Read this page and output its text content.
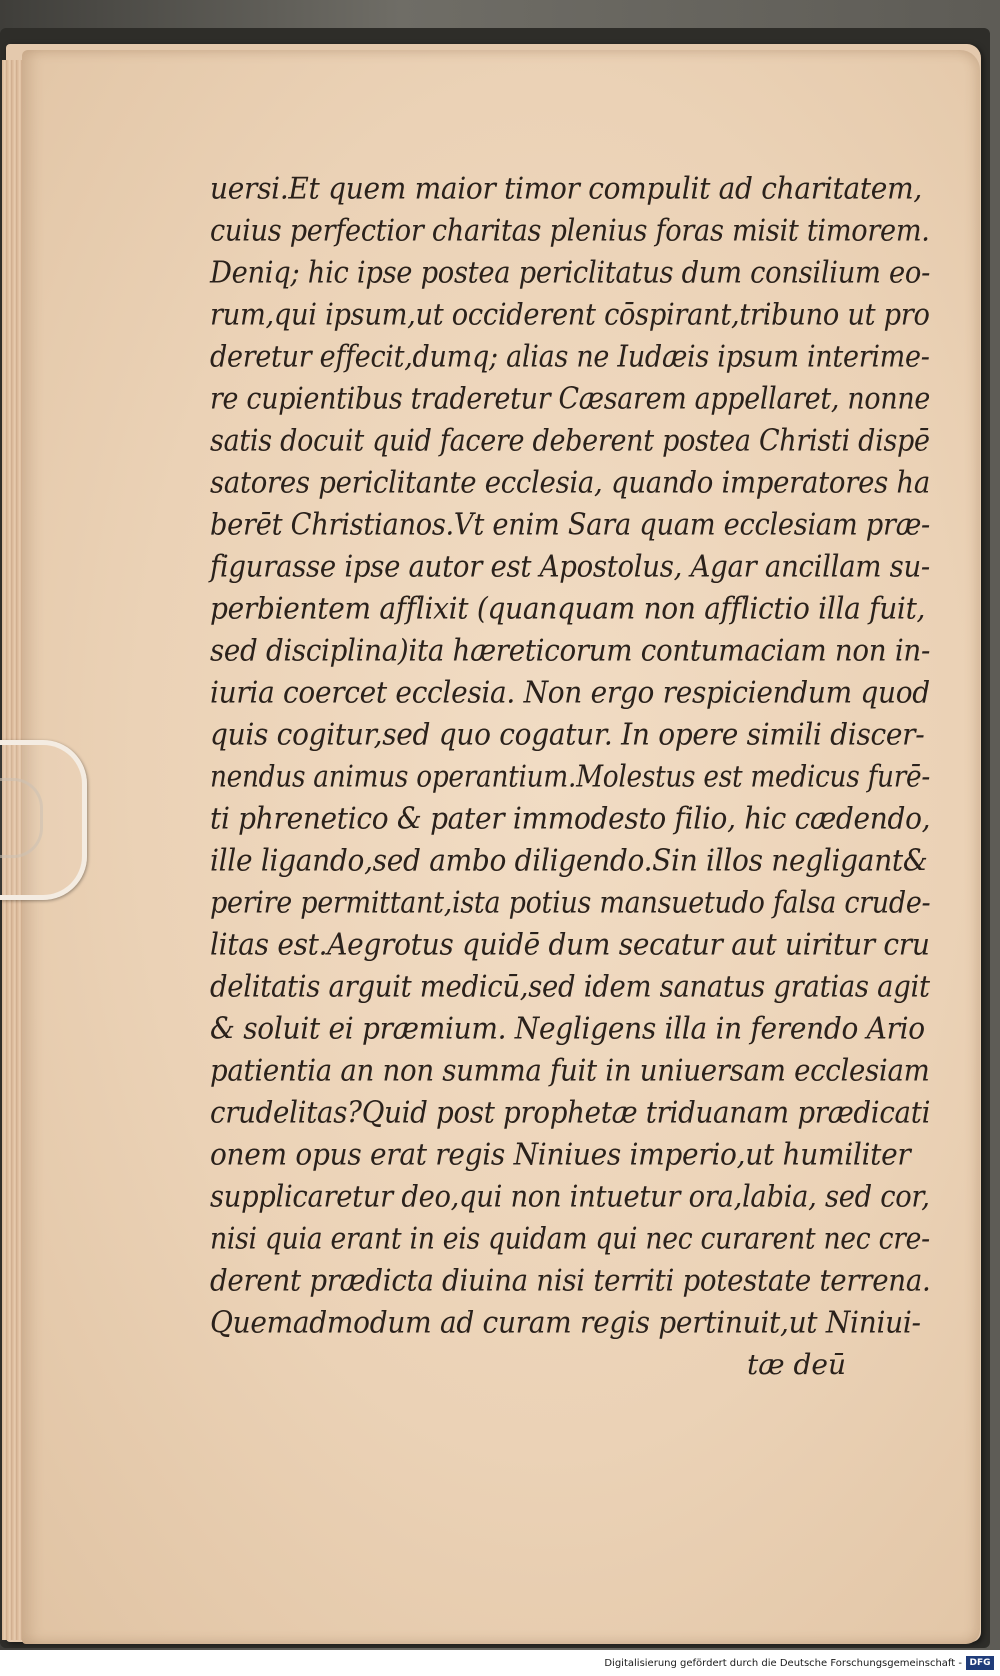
uersi.Et quem maior timor compulit ad charitatem,
cuius perfectior charitas plenius foras misit timorem.
Deniq; hic ipse postea periclitatus dum consilium eo-
rum,qui ipsum,ut occiderent cōspirant,tribuno ut pro
deretur effecit,dumq; alias ne Iudæis ipsum interime-
re cupientibus traderetur Cæsarem appellaret, nonne
satis docuit quid facere deberent postea Christi dispē
satores periclitante ecclesia, quando imperatores ha
berēt Christianos.Vt enim Sara quam ecclesiam præ-
figurasse ipse autor est Apostolus, Agar ancillam su-
perbientem afflixit (quanquam non afflictio illa fuit,
sed disciplina)ita hæreticorum contumaciam non in-
iuria coercet ecclesia. Non ergo respiciendum quod
quis cogitur,sed quo cogatur. In opere simili discer-
nendus animus operantium.Molestus est medicus furē-
ti phrenetico & pater immodesto filio, hic cædendo,
ille ligando,sed ambo diligendo.Sin illos negligant&
perire permittant,ista potius mansuetudo falsa crude-
litas est.Aegrotus quidē dum secatur aut uiritur cru
delitatis arguit medicū,sed idem sanatus gratias agit
& soluit ei præmium. Negligens illa in ferendo Ario
patientia an non summa fuit in uniuersam ecclesiam
crudelitas?Quid post prophetæ triduanam prædicati
onem opus erat regis Niniues imperio,ut humiliter
supplicaretur deo,qui non intuetur ora,labia, sed cor,
nisi quia erant in eis quidam qui nec curarent nec cre-
derent prædicta diuina nisi territi potestate terrena.
Quemadmodum ad curam regis pertinuit,ut Niniui-
tæ deū
Digitalisierung gefördert durch die Deutsche Forschungsgemeinschaft - DFG
